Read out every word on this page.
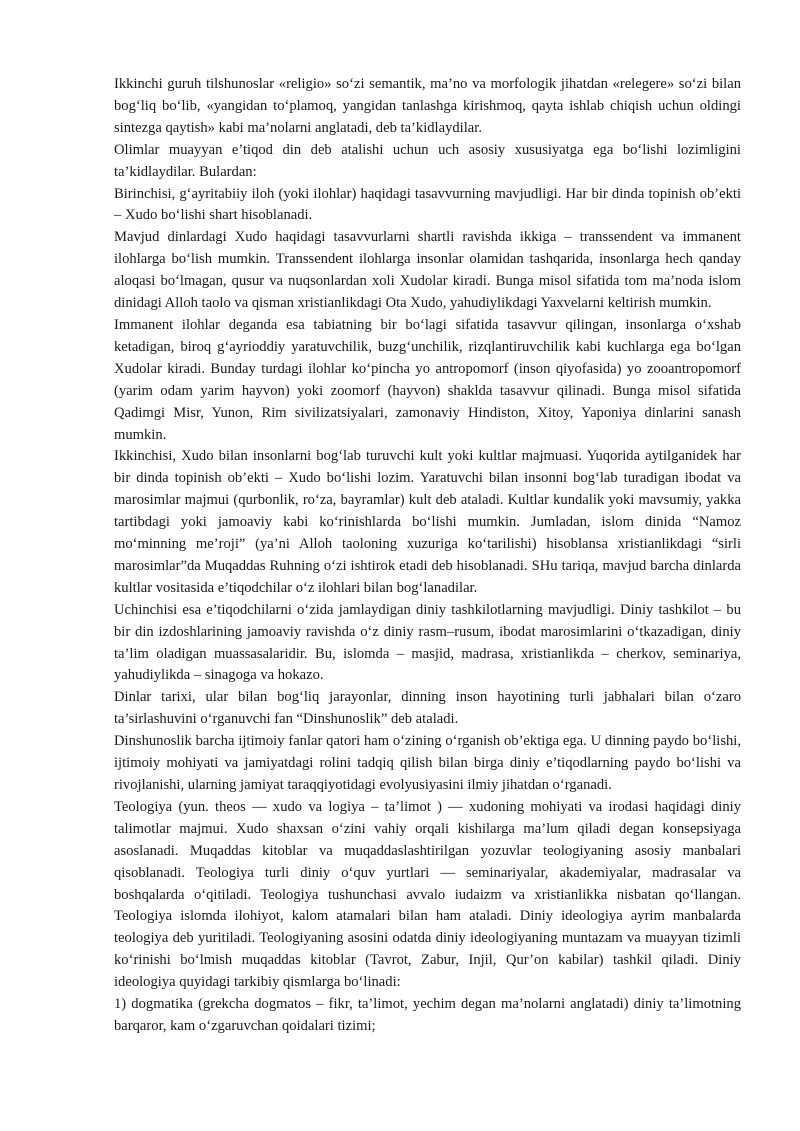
Ikkinchi guruh tilshunoslar «religio» so‘zi semantik, ma’no va morfologik jihatdan «relegere» so‘zi bilan bog‘liq bo‘lib, «yangidan to‘plamoq, yangidan tanlashga kirishmoq, qayta ishlab chiqish uchun oldingi sintezga qaytish» kabi ma’nolarni anglatadi, deb ta’kidlaydilar.

Olimlar muayyan e’tiqod din deb atalishi uchun uch asosiy xususiyatga ega bo‘lishi lozimligini ta’kidlaydilar. Bulardan:

Birinchisi, g‘ayritabiiy iloh (yoki ilohlar) haqidagi tasavvurning mavjudligi. Har bir dinda topinish ob’ekti – Xudo bo‘lishi shart hisoblanadi.

Mavjud dinlardagi Xudo haqidagi tasavvurlarni shartli ravishda ikkiga – transsendent va immanent ilohlarga bo‘lish mumkin. Transsendent ilohlarga insonlar olamidan tashqarida, insonlarga hech qanday aloqasi bo‘lmagan, qusur va nuqsonlardan xoli Xudolar kiradi. Bunga misol sifatida tom ma’noda islom dinidagi Alloh taolo va qisman xristianlikdagi Ota Xudo, yahudiylikdagi Yaxvelarni keltirish mumkin.

Immanent ilohlar deganda esa tabiatning bir bo‘lagi sifatida tasavvur qilingan, insonlarga o‘xshab ketadigan, biroq g‘ayrioddiy yaratuvchilik, buzg‘unchilik, rizqlantiruvchilik kabi kuchlarga ega bo‘lgan Xudolar kiradi. Bunday turdagi ilohlar ko‘pincha yo antropomorf (inson qiyofasida) yo zooantropomorf (yarim odam yarim hayvon) yoki zoomorf (hayvon) shaklda tasavvur qilinadi. Bunga misol sifatida Qadimgi Misr, Yunon, Rim sivilizatsiyalari, zamonaviy Hindiston, Xitoy, Yaponiya dinlarini sanash mumkin.

Ikkinchisi, Xudo bilan insonlarni bog‘lab turuvchi kult yoki kultlar majmuasi. Yuqorida aytilganidek har bir dinda topinish ob’ekti – Xudo bo‘lishi lozim. Yaratuvchi bilan insonni bog‘lab turadigan ibodat va marosimlar majmui (qurbonlik, ro‘za, bayramlar) kult deb ataladi. Kultlar kundalik yoki mavsumiy, yakka tartibdagi yoki jamoaviy kabi ko‘rinishlarda bo‘lishi mumkin. Jumladan, islom dinida “Namoz mo‘minning me’roji” (ya’ni Alloh taoloning xuzuriga ko‘tarilishi) hisoblansa xristianlikdagi “sirli marosimlar”da Muqaddas Ruhning o‘zi ishtirok etadi deb hisoblanadi. SHu tariqa, mavjud barcha dinlarda kultlar vositasida e’tiqodchilar o‘z ilohlari bilan bog‘lanadilar.

Uchinchisi esa e’tiqodchilarni o‘zida jamlaydigan diniy tashkilotlarning mavjudligi. Diniy tashkilot – bu bir din izdoshlarining jamoaviy ravishda o‘z diniy rasm–rusum, ibodat marosimlarini o‘tkazadigan, diniy ta’lim oladigan muassasalaridir. Bu, islomda – masjid, madrasa, xristianlikda – cherkov, seminariya, yahudiylikda – sinagoga va hokazo.

Dinlar tarixi, ular bilan bog‘liq jarayonlar, dinning inson hayotining turli jabhalari bilan o‘zaro ta’sirlashuvini o‘rganuvchi fan “Dinshunoslik” deb ataladi.

Dinshunoslik barcha ijtimoiy fanlar qatori ham o‘zining o‘rganish ob’ektiga ega. U dinning paydo bo‘lishi, ijtimoiy mohiyati va jamiyatdagi rolini tadqiq qilish bilan birga diniy e’tiqodlarning paydo bo‘lishi va rivojlanishi, ularning jamiyat taraqqiyotidagi evolyusiyasini ilmiy jihatdan o‘rganadi.

Teologiya (yun. theos — xudo va logiya – ta’limot ) — xudoning mohiyati va irodasi haqidagi diniy talimotlar majmui. Xudo shaxsan o‘zini vahiy orqali kishilarga ma’lum qiladi degan konsepsiyaga asoslanadi. Muqaddas kitoblar va muqaddaslashtirilgan yozuvlar teologiyaning asosiy manbalari qisoblanadi. Teologiya turli diniy o‘quv yurtlari — seminariyalar, akademiyalar, madrasalar va boshqalarda o‘qitiladi. Teologiya tushunchasi avvalo iudaizm va xristianlikka nisbatan qo‘llangan. Teologiya islomda ilohiyot, kalom atamalari bilan ham ataladi. Diniy ideologiya ayrim manbalarda teologiya deb yuritiladi. Teologiyaning asosini odatda diniy ideologiyaning muntazam va muayyan tizimli ko‘rinishi bo‘lmish muqaddas kitoblar (Tavrot, Zabur, Injil, Qur’on kabilar) tashkil qiladi. Diniy ideologiya quyidagi tarkibiy qismlarga bo‘linadi:

1) dogmatika (grekcha dogmatos – fikr, ta’limot, yechim degan ma’nolarni anglatadi) diniy ta’limotning barqaror, kam o‘zgaruvchan qoidalari tizimi;
